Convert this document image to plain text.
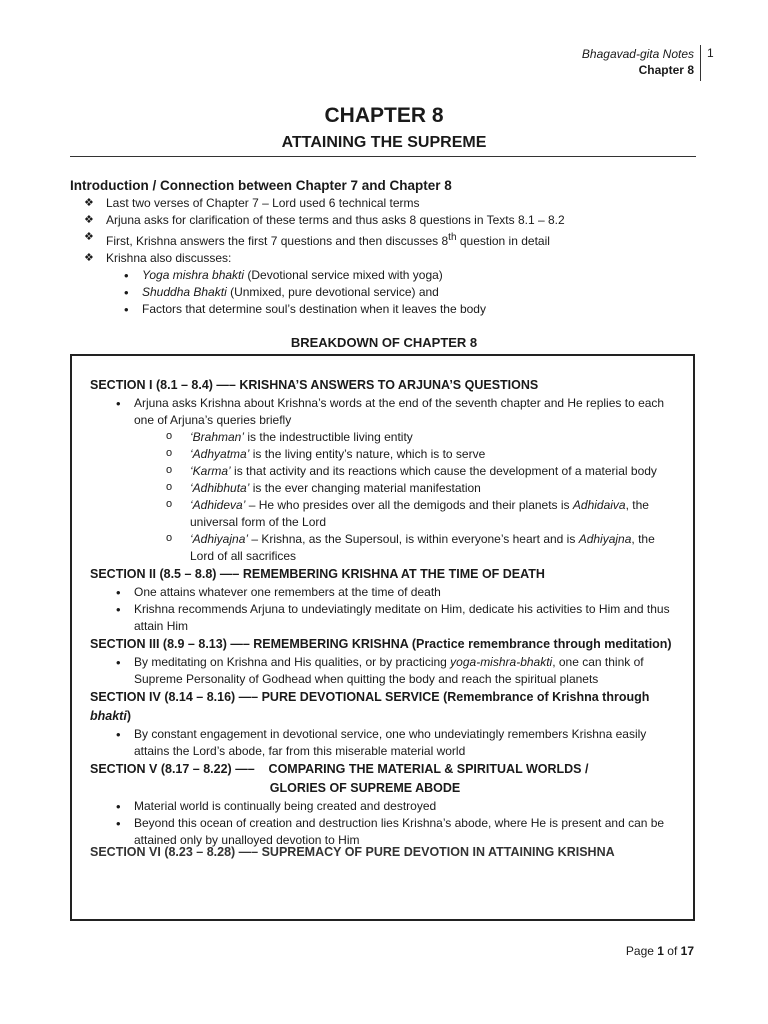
Bhagavad-gita Notes
Chapter 8
1
CHAPTER 8
ATTAINING THE SUPREME
Introduction / Connection between Chapter 7 and Chapter 8
❖ Last two verses of Chapter 7 – Lord used 6 technical terms
❖ Arjuna asks for clarification of these terms and thus asks 8 questions in Texts 8.1 – 8.2
❖ First, Krishna answers the first 7 questions and then discusses 8th question in detail
❖ Krishna also discusses:
• Yoga mishra bhakti (Devotional service mixed with yoga)
• Shuddha Bhakti (Unmixed, pure devotional service) and
• Factors that determine soul’s destination when it leaves the body
BREAKDOWN OF CHAPTER 8
SECTION I (8.1 – 8.4) —– KRISHNA’S ANSWERS TO ARJUNA’S QUESTIONS
• Arjuna asks Krishna about Krishna’s words at the end of the seventh chapter and He replies to each one of Arjuna’s queries briefly
o ‘Brahman’ is the indestructible living entity
o ‘Adhyatma’ is the living entity’s nature, which is to serve
o ‘Karma’ is that activity and its reactions which cause the development of a material body
o ‘Adhibhuta’ is the ever changing material manifestation
o ‘Adhideva’ – He who presides over all the demigods and their planets is Adhidaiva, the universal form of the Lord
o ‘Adhiyajna’ – Krishna, as the Supersoul, is within everyone’s heart and is Adhiyajna, the Lord of all sacrifices
SECTION II (8.5 – 8.8) —– REMEMBERING KRISHNA AT THE TIME OF DEATH
• One attains whatever one remembers at the time of death
• Krishna recommends Arjuna to undeviatingly meditate on Him, dedicate his activities to Him and thus attain Him
SECTION III (8.9 – 8.13) —– REMEMBERING KRISHNA (Practice remembrance through meditation)
• By meditating on Krishna and His qualities, or by practicing yoga-mishra-bhakti, one can think of Supreme Personality of Godhead when quitting the body and reach the spiritual planets
SECTION IV (8.14 – 8.16) —– PURE DEVOTIONAL SERVICE (Remembrance of Krishna through bhakti)
• By constant engagement in devotional service, one who undeviatingly remembers Krishna easily attains the Lord’s abode, far from this miserable material world
SECTION V (8.17 – 8.22) —–    COMPARING THE MATERIAL & SPIRITUAL WORLDS /
GLORIES OF SUPREME ABODE
• Material world is continually being created and destroyed
• Beyond this ocean of creation and destruction lies Krishna’s abode, where He is present and can be attained only by unalloyed devotion to Him
SECTION VI (8.23 – 8.28) —– SUPREMACY OF PURE DEVOTION IN ATTAINING KRISHNA
Page 1 of 17
